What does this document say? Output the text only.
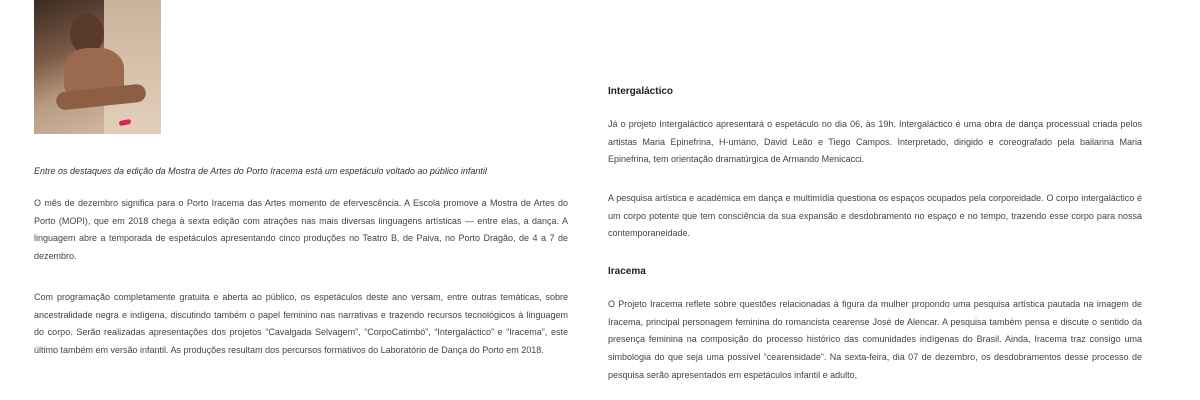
Entre os destaques da edição da Mostra de Artes do Porto Iracema está um espetáculo voltado ao público infantil

O mês de dezembro significa para o Porto Iracema das Artes momento de efervescência. A Escola promove a Mostra de Artes do Porto (MOPI), que em 2018 chega à sexta edição com atrações nas mais diversas linguagens artísticas — entre elas, a dança. A linguagem abre a temporada de espetáculos apresentando cinco produções no Teatro B. de Paiva, no Porto Dragão, de 4 a 7 de dezembro.

Com programação completamente gratuita e aberta ao público, os espetáculos deste ano versam, entre outras temáticas, sobre ancestralidade negra e indígena, discutindo também o papel feminino nas narrativas e trazendo recursos tecnológicos à linguagem do corpo. Serão realizadas apresentações dos projetos “Cavalgada Selvagem”, “CorpoCatimbó”, “Intergaláctico” e “Iracema”, este último também em versão infantil. As produções resultam dos percursos formativos do Laboratório de Dança do Porto em 2018.

Intergaláctico

Já o projeto Intergaláctico apresentará o espetáculo no dia 06, às 19h. Intergaláctico é uma obra de dança processual criada pelos artistas Maria Epinefrina, H-umano, David Leão e Tiego Campos. Interpretado, dirigido e coreografado pela bailarina Maria Epinefrina, tem orientação dramatúrgica de Armando Menicacci.

A pesquisa artística e académica em dança e multimídia questiona os espaços ocupados pela corporeidade. O corpo intergaláctico é um corpo potente que tem consciência da sua expansão e desdobramento no espaço e no tempo, trazendo esse corpo para nossa contemporaneidade.

Iracema

O Projeto Iracema reflete sobre questões relacionadas à figura da mulher propondo uma pesquisa artística pautada na imagem de Iracema, principal personagem feminina do romancista cearense José de Alencar. A pesquisa também pensa e discute o sentido da presença feminina na composição do processo histórico das comunidades indígenas do Brasil. Ainda, Iracema traz consigo uma simbologia do que seja uma possível “cearensidade”. Na sexta-feira, dia 07 de dezembro, os desdobramentos desse processo de pesquisa serão apresentados em espetáculos infantil e adulto,
